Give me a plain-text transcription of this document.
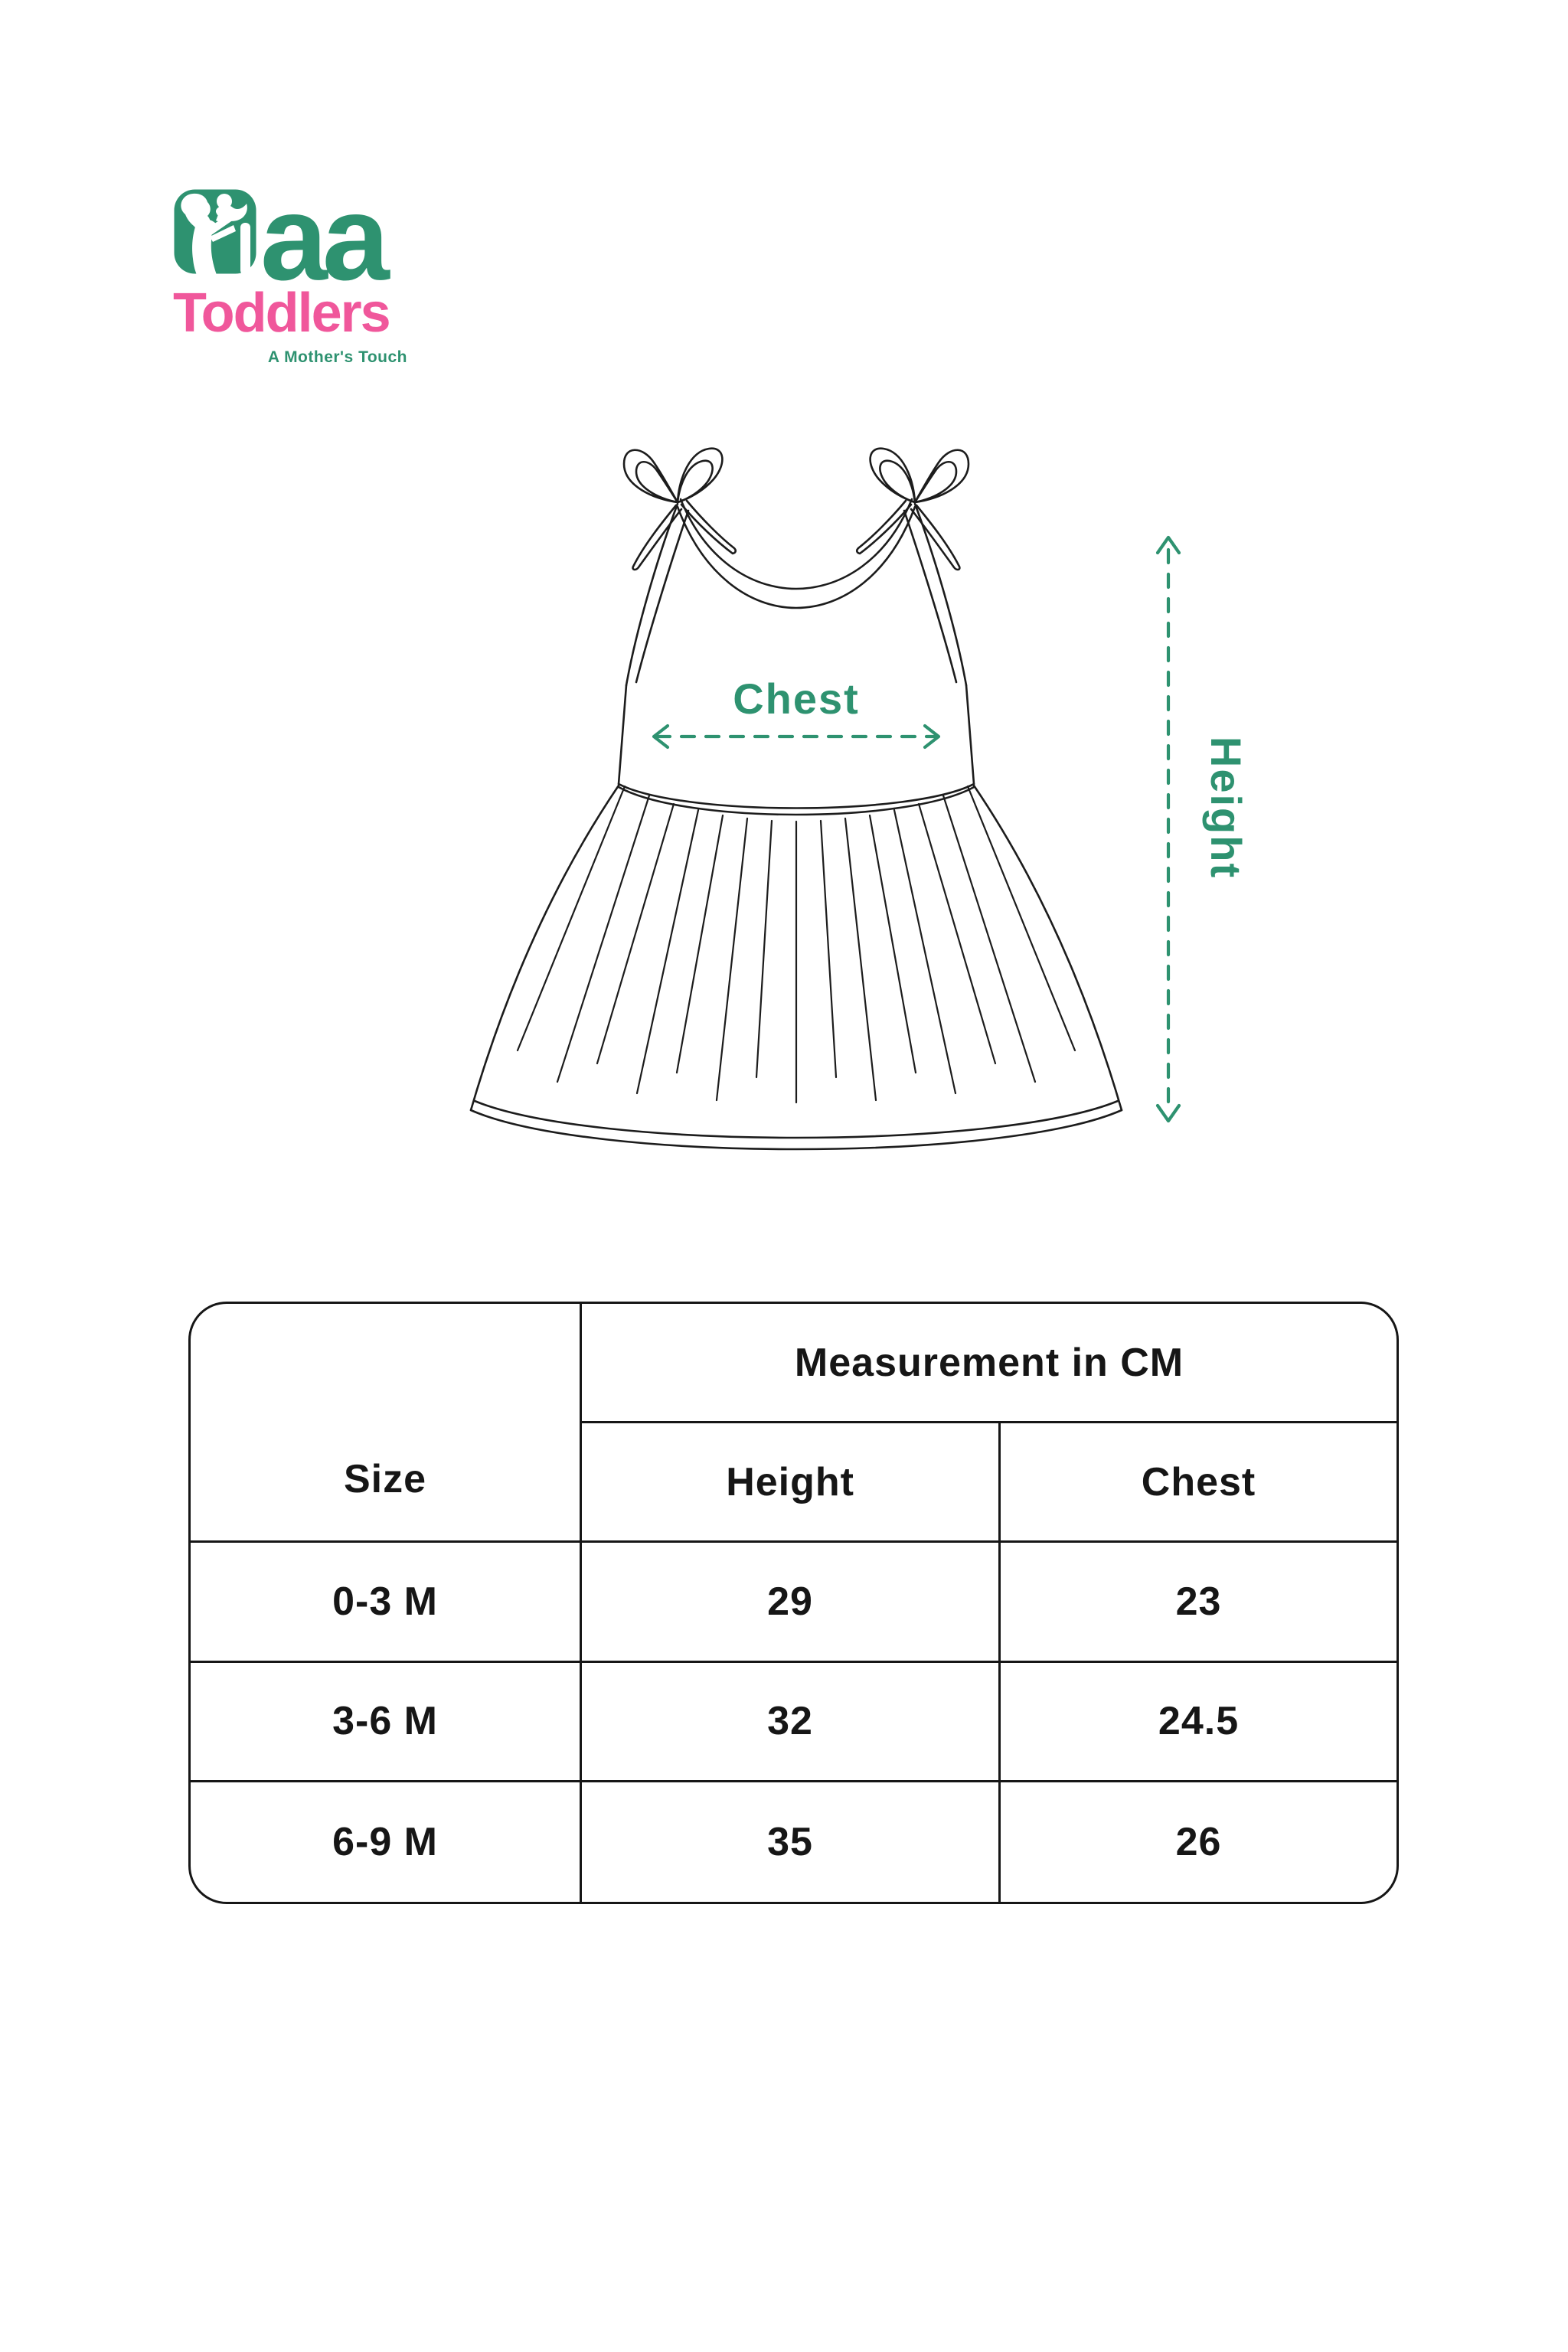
aa
Toddlers
A Mother's Touch
Chest
Height
Size
Measurement in CM
Height	Chest
0-3 M	29	23
3-6 M	32	24.5
6-9 M	35	26
